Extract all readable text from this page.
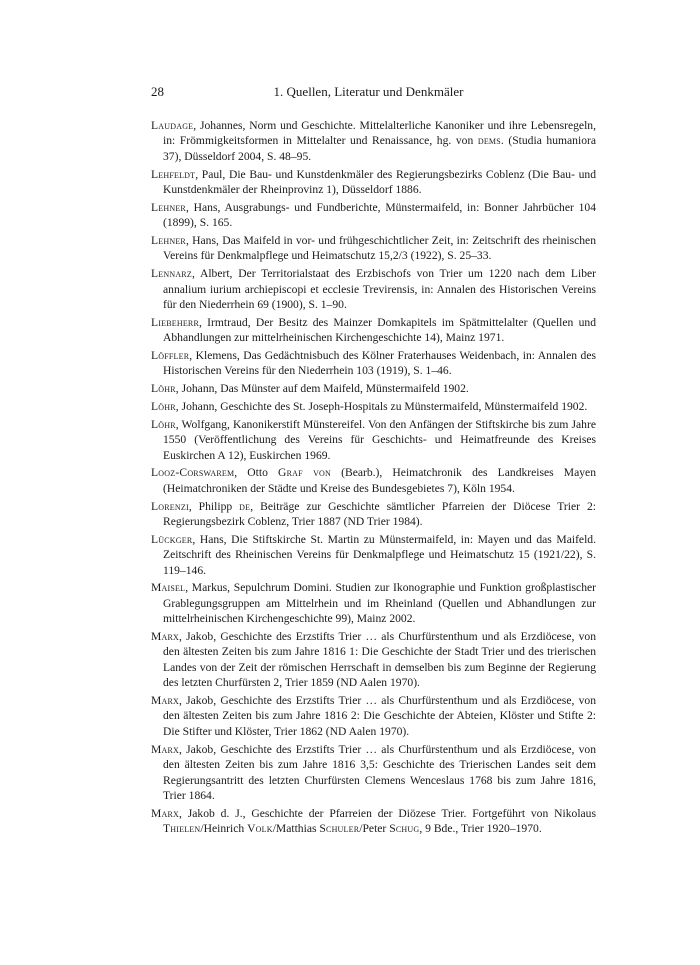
28	1. Quellen, Literatur und Denkmäler

Laudage, Johannes, Norm und Geschichte. Mittelalterliche Kanoniker und ihre Lebensregeln, in: Frömmigkeitsformen in Mittelalter und Renaissance, hg. von dems. (Studia humaniora 37), Düsseldorf 2004, S. 48–95.

Lehfeldt, Paul, Die Bau- und Kunstdenkmäler des Regierungsbezirks Coblenz (Die Bau- und Kunstdenkmäler der Rheinprovinz 1), Düsseldorf 1886.

Lehner, Hans, Ausgrabungs- und Fundberichte, Münstermaifeld, in: Bonner Jahrbücher 104 (1899), S. 165.

Lehner, Hans, Das Maifeld in vor- und frühgeschichtlicher Zeit, in: Zeitschrift des rheinischen Vereins für Denkmalpflege und Heimatschutz 15,2/3 (1922), S. 25–33.

Lennarz, Albert, Der Territorialstaat des Erzbischofs von Trier um 1220 nach dem Liber annalium iurium archiepiscopi et ecclesie Trevirensis, in: Annalen des Historischen Vereins für den Niederrhein 69 (1900), S. 1–90.

Liebeherr, Irmtraud, Der Besitz des Mainzer Domkapitels im Spätmittelalter (Quellen und Abhandlungen zur mittelrheinischen Kirchengeschichte 14), Mainz 1971.

Löffler, Klemens, Das Gedächtnisbuch des Kölner Fraterhauses Weidenbach, in: Annalen des Historischen Vereins für den Niederrhein 103 (1919), S. 1–46.

Löhr, Johann, Das Münster auf dem Maifeld, Münstermaifeld 1902.

Löhr, Johann, Geschichte des St. Joseph-Hospitals zu Münstermaifeld, Münstermaifeld 1902.

Löhr, Wolfgang, Kanonikerstift Münstereifel. Von den Anfängen der Stiftskirche bis zum Jahre 1550 (Veröffentlichung des Vereins für Geschichts- und Heimatfreunde des Kreises Euskirchen A 12), Euskirchen 1969.

Looz-Corswarem, Otto Graf von (Bearb.), Heimatchronik des Landkreises Mayen (Heimatchroniken der Städte und Kreise des Bundesgebietes 7), Köln 1954.

Lorenzi, Philipp de, Beiträge zur Geschichte sämtlicher Pfarreien der Diöcese Trier 2: Regierungsbezirk Coblenz, Trier 1887 (ND Trier 1984).

Lückger, Hans, Die Stiftskirche St. Martin zu Münstermaifeld, in: Mayen und das Maifeld. Zeitschrift des Rheinischen Vereins für Denkmalpflege und Heimatschutz 15 (1921/22), S. 119–146.

Maisel, Markus, Sepulchrum Domini. Studien zur Ikonographie und Funktion großplastischer Grablegungsgruppen am Mittelrhein und im Rheinland (Quellen und Abhandlungen zur mittelrheinischen Kirchengeschichte 99), Mainz 2002.

Marx, Jakob, Geschichte des Erzstifts Trier … als Churfürstenthum und als Erzdiöcese, von den ältesten Zeiten bis zum Jahre 1816 1: Die Geschichte der Stadt Trier und des trierischen Landes von der Zeit der römischen Herrschaft in demselben bis zum Beginne der Regierung des letzten Churfürsten 2, Trier 1859 (ND Aalen 1970).

Marx, Jakob, Geschichte des Erzstifts Trier … als Churfürstenthum und als Erzdiöcese, von den ältesten Zeiten bis zum Jahre 1816 2: Die Geschichte der Abteien, Klöster und Stifte 2: Die Stifter und Klöster, Trier 1862 (ND Aalen 1970).

Marx, Jakob, Geschichte des Erzstifts Trier … als Churfürstenthum und als Erzdiöcese, von den ältesten Zeiten bis zum Jahre 1816 3,5: Geschichte des Trierischen Landes seit dem Regierungsantritt des letzten Churfürsten Clemens Wenceslaus 1768 bis zum Jahre 1816, Trier 1864.

Marx, Jakob d. J., Geschichte der Pfarreien der Diözese Trier. Fortgeführt von Nikolaus Thielen/Heinrich Volk/Matthias Schuler/Peter Schug, 9 Bde., Trier 1920–1970.
